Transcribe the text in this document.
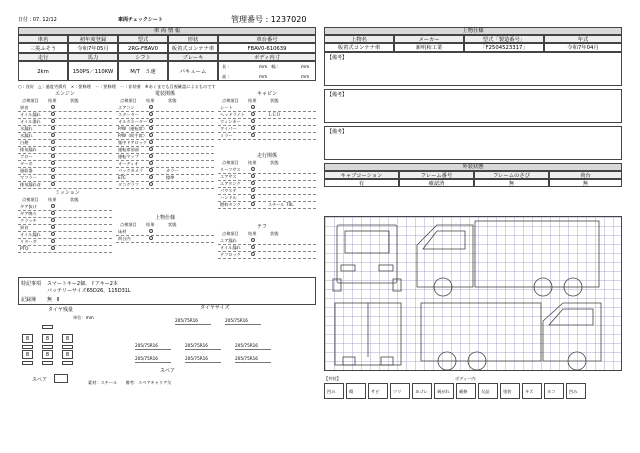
日付 : 07. 12/12	車両チェックシート	管理番号 : 1237020
車 両 情 報
車名	初年度登録	型式	形状	車台番号
三菱ふそう	令和7年05月	2RG-FBAV0	板着式コンテナ車	FBAV0-610639
走行	馬力	シフト	ブレーキ	ボディ内寸
2km	150PS／110KW	M/T　５速	バキューム
長 :	mm　幅 :	mm
高 :	mm	mm
○ : 良好　△ : 過度劣損有　× : 要修理　－ : 要修理　－ : 非装着　※あくまでも目視確認によるものです
エンジン
点検項目 結果	状態
異音
オイル漏れ
オイル滲れ
水漏れ
水漏れ
白煙
排気漏れ
ブロー
ターボ
過給器
マフラー
排気漏れ音
電装関係
点検項目 結果	状態
エアコン
スターター
オルタネーター
P/W（運転席）
P/W（助手席）
集中ドアロック
運転席前部
運転マップ
オーディオ
バックカメラ	カラー
ETC	標準
タコグラフ
キャビン
点検項目 結果	状態
シート
ヘッドライト	ＬＥＤ
ウィンカー
ワイパー
ミラー
走行関係
点検項目 結果	状態
リーフサス
エアサス
エアタンク
パワステ
ハンドル
燃料タンク	スチール 70L
ミッション
点検項目 結果	状態
ギア抜け
ギア鳴り
クラッチ
異音
オイル漏れ
リターダ
PTO
上物仕様
点検項目 結果	状態
床材
荷台内
テフ
点検項目 結果	状態
エア漏れ
オイル漏れ
テフロック
特記事項 スマートキー2個、ドアキー2本
バッテリーサイズ65D26、115D31L
記録簿 無　Ⅱ
タイヤ残量
単位：mm
タイヤサイズ
8	8	8
8	8	8
205/75R16	205/75R16
205/75R16	205/75R16	205/75R16
205/75R16	205/75R16	205/75R16
スペア
スペア
素材：スチール　　備考：スペアキャリア欠
上物仕様
上物名	メーカー	型式「製造番号」	年式
板着式コンテナ車	新明和工業	「F2504523317」	令和7年04月
【備考】
【備考】
【備考】
外装状態
キャブコーション	フレーム番号	フレームのさび	荷台
有	確認済	無	無
【外装】	ボディー内
凹み	傷	サビ	ツリ	ヨゴレ 剥がれ 補修	欠品	塗装	キズ	ホコ	凹み
